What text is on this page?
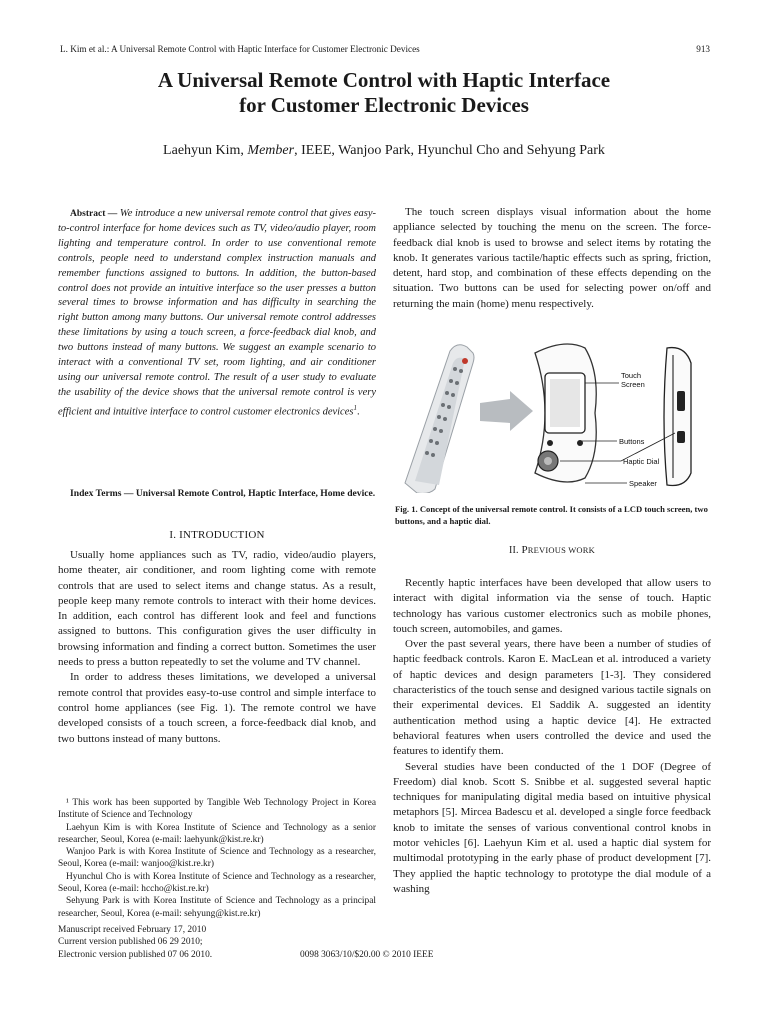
L. Kim et al.: A Universal Remote Control with Haptic Interface for Customer Electronic Devices	913
A Universal Remote Control with Haptic Interface
for Customer Electronic Devices
Laehyun Kim, Member, IEEE, Wanjoo Park, Hyunchul Cho and Sehyung Park
Abstract — We introduce a new universal remote control that gives easy-to-control interface for home devices such as TV, video/audio player, room lighting and temperature control. In order to use conventional remote controls, people need to understand complex instruction manuals and remember functions assigned to buttons. In addition, the button-based control does not provide an intuitive interface so the user presses a button several times to browse information and has difficulty in searching the right button among many buttons. Our universal remote control addresses these limitations by using a touch screen, a force-feedback dial knob, and two buttons instead of many buttons. We suggest an example scenario to interact with a conventional TV set, room lighting, and air conditioner using our universal remote control. The result of a user study to evaluate the usability of the device shows that the universal remote control is very efficient and intuitive interface to control customer electronics devices$^1$.
Index Terms — Universal Remote Control, Haptic Interface, Home device.
I. INTRODUCTION

Usually home appliances such as TV, radio, video/audio players, home theater, air conditioner, and room lighting come with remote controls that are used to select items and change status. As a result, people keep many remote controls to interact with their home devices. In addition, each control has different look and feel and functions assigned to buttons. This configuration gives the user difficulty in browsing information and finding a correct button. Sometimes the user needs to press a button repeatedly to set the volume and TV channel.

In order to address theses limitations, we developed a universal remote control that provides easy-to-use control and simple interface to control home appliances (see Fig. 1). The remote control we have developed consists of a touch screen, a force-feedback dial knob, and two buttons instead of many buttons.

¹ This work has been supported by Tangible Web Technology Project in Korea Institute of Science and Technology

Laehyun Kim is with Korea Institute of Science and Technology as a senior researcher, Seoul, Korea (e-mail: laehyunk@kist.re.kr)

Wanjoo Park is with Korea Institute of Science and Technology as a researcher, Seoul, Korea (e-mail: wanjoo@kist.re.kr)

Hyunchul Cho is with Korea Institute of Science and Technology as a researcher, Seoul, Korea (e-mail: hccho@kist.re.kr)

Sehyung Park is with Korea Institute of Science and Technology as a principal researcher, Seoul, Korea (e-mail: sehyung@kist.re.kr)

Manuscript received February 17, 2010
Current version published 06 29 2010;
Electronic version published 07 06 2010.	0098 3063/10/$20.00 © 2010 IEEE

The touch screen displays visual information about the home appliance selected by touching the menu on the screen. The force-feedback dial knob is used to browse and select items by rotating the knob. It generates various tactile/haptic effects such as spring, friction, detent, hard stop, and combination of these effects depending on the situation. Two buttons can be used for selecting power on/off and returning the main (home) menu respectively.

Touch
Screen
Buttons
Haptic Dial
Speaker
Fig. 1. Concept of the universal remote control. It consists of a LCD touch screen, two buttons, and a haptic dial.
II. PREVIOUS WORK

Recently haptic interfaces have been developed that allow users to interact with digital information via the sense of touch. Haptic technology has various customer electronics such as mobile phones, touch screen, automobiles, and games.

Over the past several years, there have been a number of studies of haptic feedback controls. Karon E. MacLean et al. introduced a variety of haptic devices and design parameters [1-3]. They considered characteristics of the touch sense and designed various tactile signals on their experimental devices. El Saddik A. suggested an identity authentication method using a haptic device [4]. He extracted behavioral features when users controlled the device and used the features to identify them.

Several studies have been conducted of the 1 DOF (Degree of Freedom) dial knob. Scott S. Snibbe et al. suggested several haptic techniques for manipulating digital media based on intuitive physical metaphors [5]. Mircea Badescu et al. developed a single force feedback knob to imitate the senses of various conventional control knobs in motor vehicles [6]. Laehyun Kim et al. used a haptic dial system for multimodal prototyping in the early phase of product development [7]. They applied the haptic technology to prototype the dial module of a washing
